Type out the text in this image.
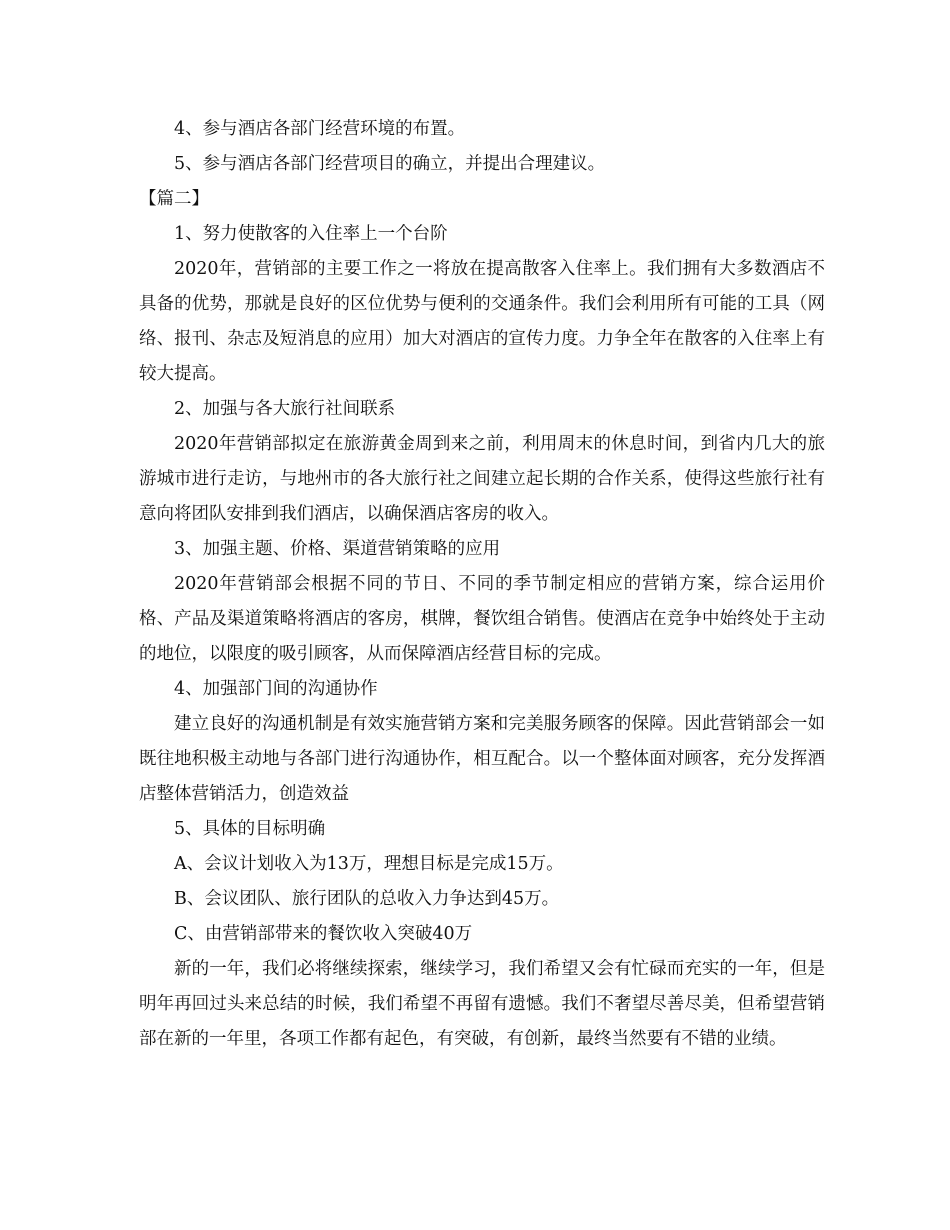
4、参与酒店各部门经营环境的布置。

5、参与酒店各部门经营项目的确立，并提出合理建议。

【篇二】

1、努力使散客的入住率上一个台阶

2020年，营销部的主要工作之一将放在提高散客入住率上。我们拥有大多数酒店不具备的优势，那就是良好的区位优势与便利的交通条件。我们会利用所有可能的工具（网络、报刊、杂志及短消息的应用）加大对酒店的宣传力度。力争全年在散客的入住率上有较大提高。

2、加强与各大旅行社间联系

2020年营销部拟定在旅游黄金周到来之前，利用周末的休息时间，到省内几大的旅游城市进行走访，与地州市的各大旅行社之间建立起长期的合作关系，使得这些旅行社有意向将团队安排到我们酒店，以确保酒店客房的收入。

3、加强主题、价格、渠道营销策略的应用

2020年营销部会根据不同的节日、不同的季节制定相应的营销方案，综合运用价格、产品及渠道策略将酒店的客房，棋牌，餐饮组合销售。使酒店在竞争中始终处于主动的地位，以限度的吸引顾客，从而保障酒店经营目标的完成。

4、加强部门间的沟通协作

建立良好的沟通机制是有效实施营销方案和完美服务顾客的保障。因此营销部会一如既往地积极主动地与各部门进行沟通协作，相互配合。以一个整体面对顾客，充分发挥酒店整体营销活力，创造效益

5、具体的目标明确

A、会议计划收入为13万，理想目标是完成15万。

B、会议团队、旅行团队的总收入力争达到45万。

C、由营销部带来的餐饮收入突破40万

新的一年，我们必将继续探索，继续学习，我们希望又会有忙碌而充实的一年，但是明年再回过头来总结的时候，我们希望不再留有遗憾。我们不奢望尽善尽美，但希望营销部在新的一年里，各项工作都有起色，有突破，有创新，最终当然要有不错的业绩。
